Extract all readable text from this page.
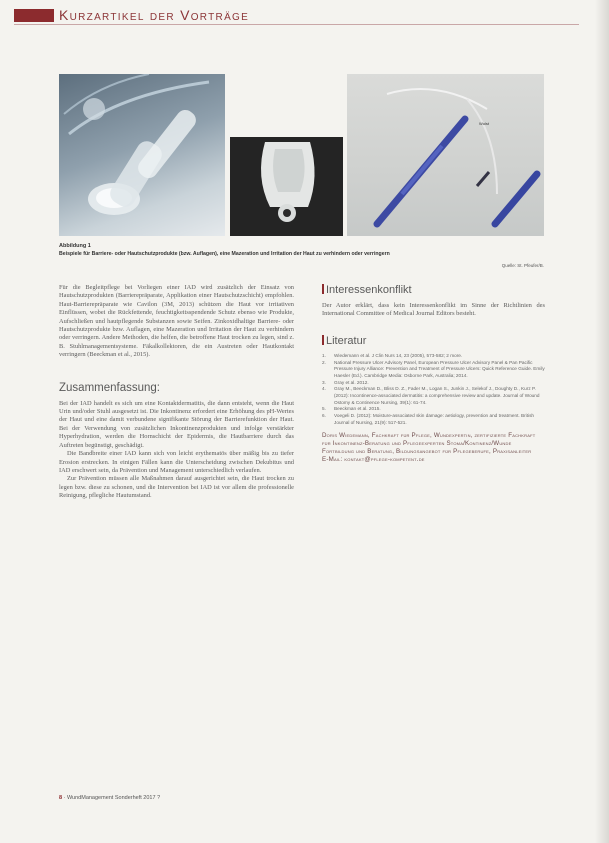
Kurzartikel der Vorträge
Wulst
Abbildung 1
Beispiele für Barriere- oder Hautschutzprodukte (bzw. Auflagen), eine Mazeration und Irritation der Haut zu verhindern oder verringern
Quelle: St. Pfeufer/B.

Für die Begleitpflege bei Vorliegen einer IAD wird zusätzlich der Einsatz von Hautschutzprodukten (Barrierepräparate, Applikation einer Hautschutzschicht) empfohlen. Haut-Barrierepräparate wie Cavilon (3M, 2013) schützen die Haut vor irritativen Einflüssen, wobei die Rückfettende, feuchtigkeitsspendende Schutz ebenso wie Produkte, Aufschließen und hautpflegende Substanzen sowie Seifen. Zinkoxidhaltige Barriere- oder Hautschutzprodukte bzw. Auflagen, eine Mazeration und Irritation der Haut zu verhindern oder verringern. Andere Methoden, die helfen, die betroffene Haut trocken zu legen, sind z. B. Stuhlmanagementsysteme. Fäkalkollektoren, die ein Austreten oder Hautkontakt verringern (Beeckman et al., 2015).

Zusammenfassung:

Bei der IAD handelt es sich um eine Kontaktdermatitis, die dann entsteht, wenn die Haut Urin und/oder Stuhl ausgesetzt ist. Die Inkontinenz erfordert eine Erhöhung des pH-Wertes der Haut und eine damit verbundene signifikante Störung der Barrierefunktion der Haut. Bei der Verwendung von zusätzlichen Inkontinenzprodukten und infolge verstärkter Hyperhydration, werden die Hornschicht der Epidermis, die Hautbarriere durch das Auftreten begünstigt, geschädigt.

Die Bandbreite einer IAD kann sich von leicht erythematös über mäßig bis zu tiefer Erosion erstrecken. In einigen Fällen kann die Unterscheidung zwischen Dekubitus und IAD erschwert sein, da Prävention und Management unterschiedlich verlaufen.

Zur Prävention müssen alle Maßnahmen darauf ausgerichtet sein, die Haut trocken zu legen bzw. diese zu schonen, und die Intervention bei IAD ist vor allem die professionelle Reinigung, pflegliche Hautumstand.

Interessenkonflikt

Der Autor erklärt, dass kein Interessenkonflikt im Sinne der Richtlinien des International Committee of Medical Journal Editors besteht.

Literatur
1. Wiedemann et al. J Clin Nurs 14, 23 (2005), 573-582; 2 more.
2. National Pressure Ulcer Advisory Panel, European Pressure Ulcer Advisory Panel & Pan Pacific Pressure Injury Alliance: Prevention and Treatment of Pressure Ulcers: Quick Reference Guide. Emily Haesler (Ed.). Cambridge Media: Osborne Park, Australia; 2014.
3. Gray et al. 2012.
4. Gray M., Beeckman D., Bliss D. Z., Fader M., Logan S., Junkin J., Selekof J., Doughty D., Kurz P. (2012): Incontinence-associated dermatitis: a comprehensive review and update. Journal of Wound Ostomy & Continence Nursing, 39(1): 61-74.
5. Beeckman et al. 2015.
6. Voegeli D. (2012): Moisture-associated skin damage: aetiology, prevention and treatment. British Journal of Nursing, 21(9): 517-521.

Doris Wiedemann, Fachkraft für Pflege, Wundexpertin, zertifizierte Fachkraft für Inkontinenz-Beratung und Pflegeexperten Stoma/Kontinenz/Wunde

Fortbildung und Beratung, Bildungsangebot für Pflegeberufe, Praxisanleiter

E-Mail: kontakt@pflege-kompetent.de

8 · WundManagement Sonderheft 2017 ?
